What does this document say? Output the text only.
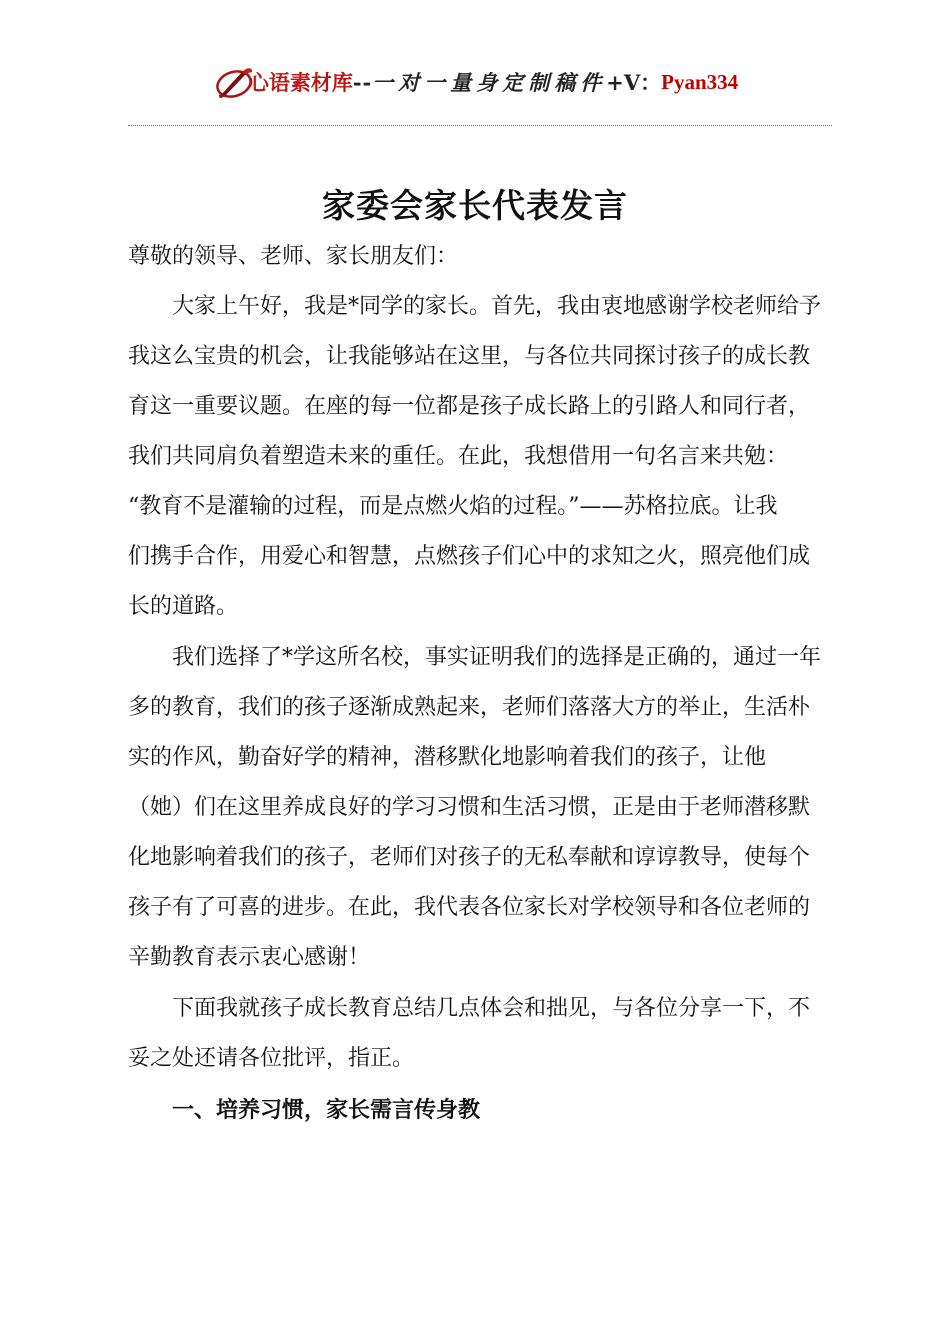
心语素材库 -- 一对一量身定制稿件 +V： Pyan334
家委会家长代表发言
尊敬的领导、老师、家长朋友们：
大家上午好，我是*同学的家长。首先，我由衷地感谢学校老师给予
我这么宝贵的机会，让我能够站在这里，与各位共同探讨孩子的成长教
育这一重要议题。在座的每一位都是孩子成长路上的引路人和同行者，
我们共同肩负着塑造未来的重任。在此，我想借用一句名言来共勉：
“教育不是灌输的过程，而是点燃火焰的过程。”——苏格拉底。让我
们携手合作，用爱心和智慧，点燃孩子们心中的求知之火，照亮他们成
长的道路。
我们选择了*学这所名校，事实证明我们的选择是正确的，通过一年
多的教育，我们的孩子逐渐成熟起来，老师们落落大方的举止，生活朴
实的作风，勤奋好学的精神，潜移默化地影响着我们的孩子，让他
（她）们在这里养成良好的学习习惯和生活习惯，正是由于老师潜移默
化地影响着我们的孩子，老师们对孩子的无私奉献和谆谆教导，使每个
孩子有了可喜的进步。在此，我代表各位家长对学校领导和各位老师的
辛勤教育表示衷心感谢！
下面我就孩子成长教育总结几点体会和拙见，与各位分享一下，不
妥之处还请各位批评，指正。
一、培养习惯，家长需言传身教
